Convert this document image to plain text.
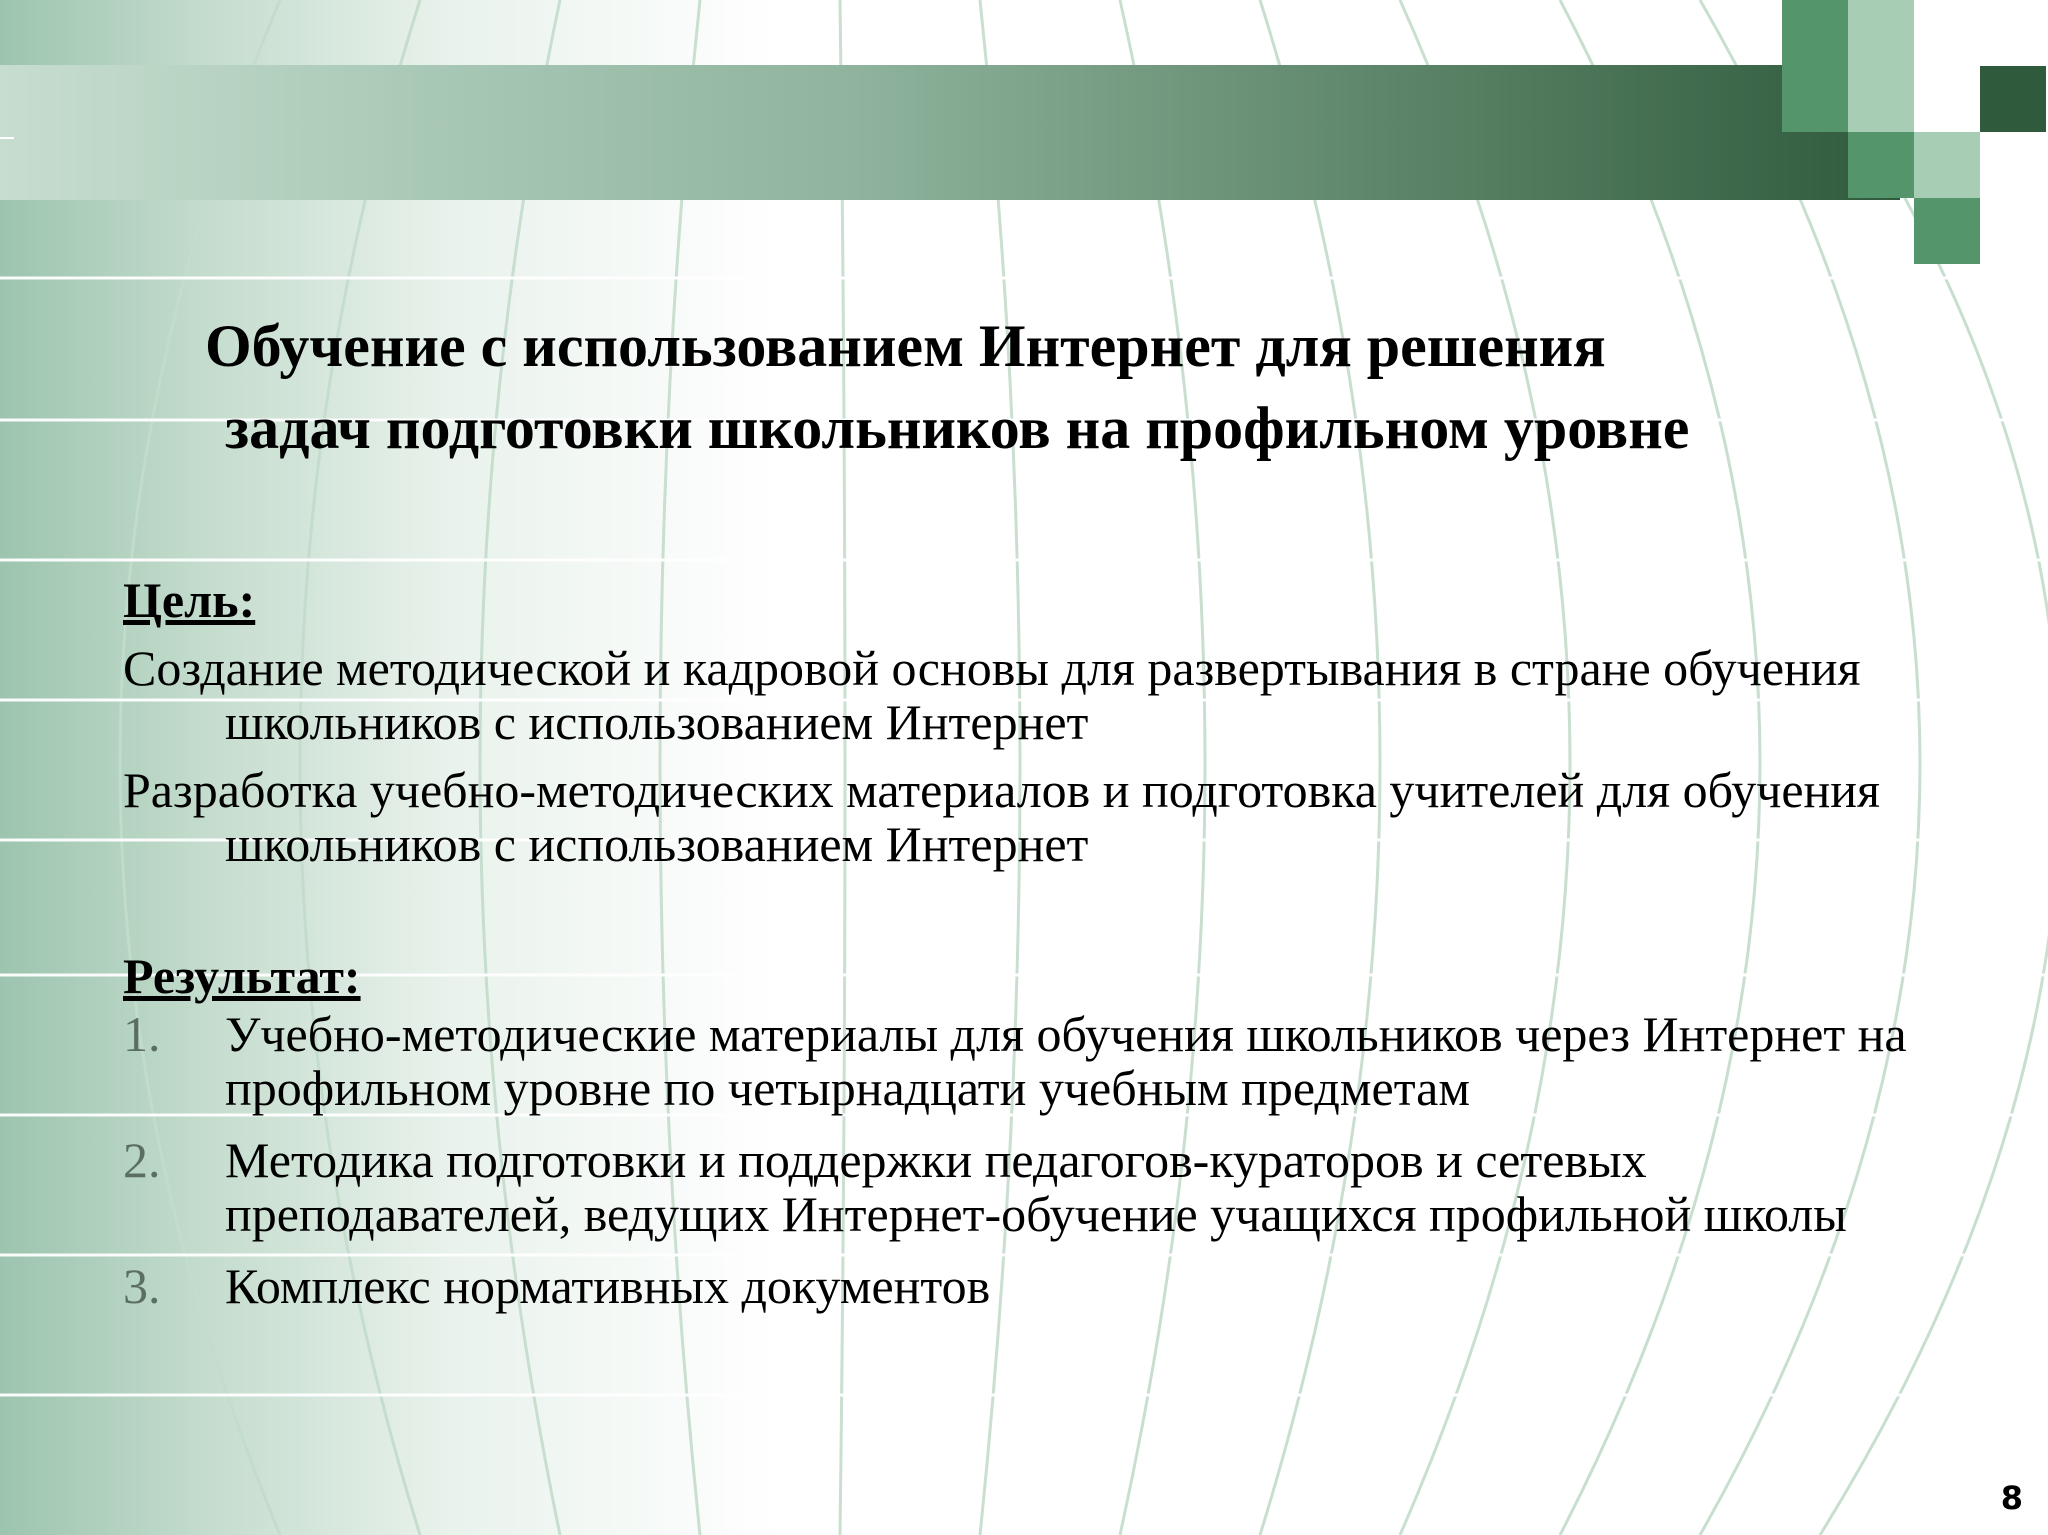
Обучение с использованием Интернет для решения
задач подготовки школьников на профильном уровне

Цель:

Создание методической и кадровой основы для развертывания в стране обучения школьников с использованием Интернет

Разработка учебно-методических материалов и подготовка учителей для обучения школьников с использованием Интернет

Результат:

1. Учебно-методические материалы для обучения школьников через Интернет на профильном уровне по четырнадцати учебным предметам
2. Методика подготовки и поддержки педагогов-кураторов и сетевых преподавателей, ведущих Интернет-обучение учащихся профильной школы
3. Комплекс нормативных документов
8
